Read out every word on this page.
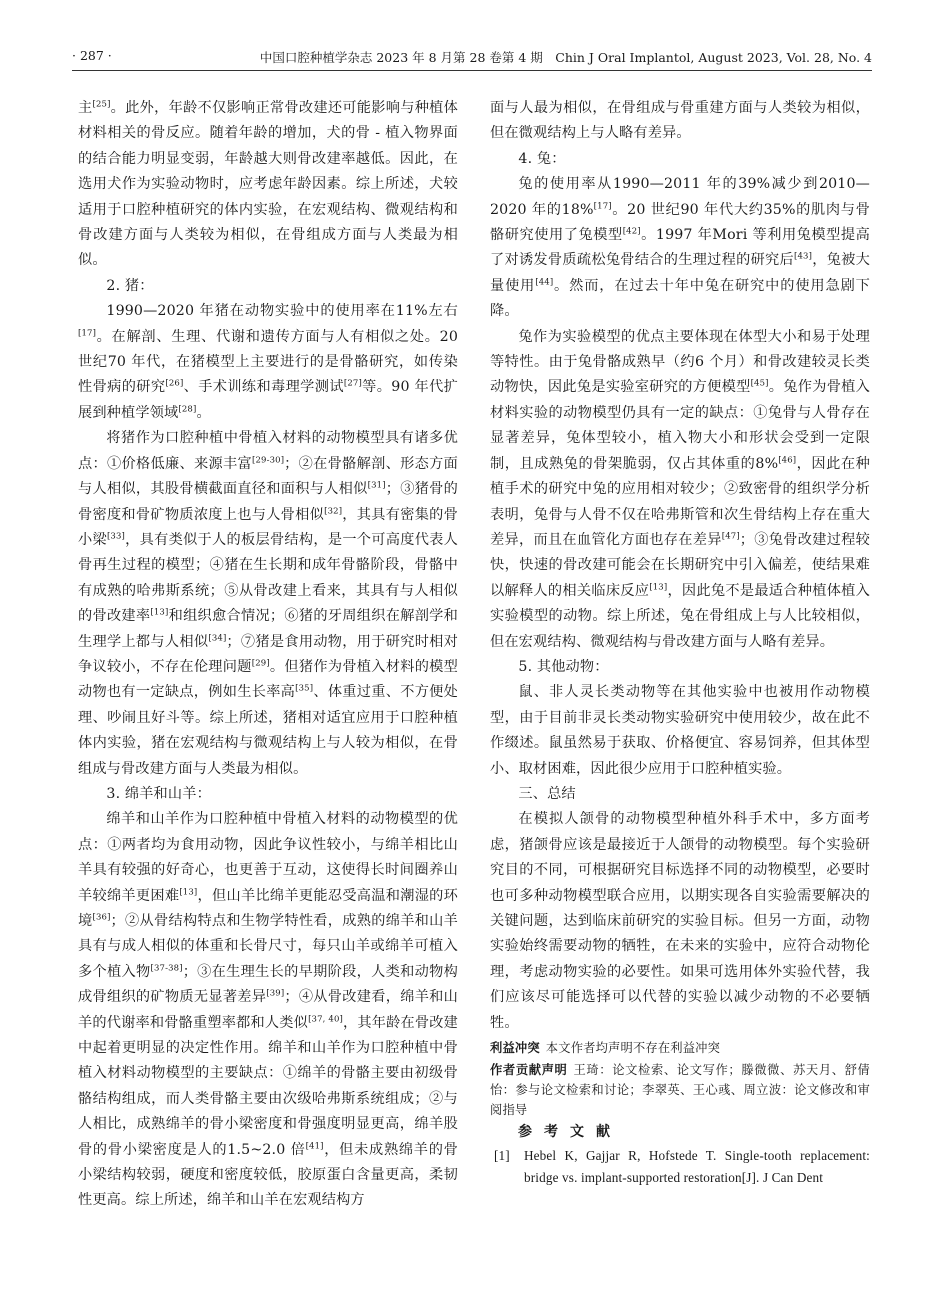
· 287 ·	中国口腔种植学杂志 2023 年 8 月第 28 卷第 4 期　Chin J Oral Implantol, August 2023, Vol. 28, No. 4

主[25]。此外，年龄不仅影响正常骨改建还可能影响与种植体材料相关的骨反应。随着年龄的增加，犬的骨 - 植入物界面的结合能力明显变弱，年龄越大则骨改建率越低。因此，在选用犬作为实验动物时，应考虑年龄因素。综上所述，犬较适用于口腔种植研究的体内实验，在宏观结构、微观结构和骨改建方面与人类较为相似，在骨组成方面与人类最为相似。

2. 猪：

1990—2020 年猪在动物实验中的使用率在11%左右[17]。在解剖、生理、代谢和遗传方面与人有相似之处。20 世纪70 年代，在猪模型上主要进行的是骨骼研究，如传染性骨病的研究[26]、手术训练和毒理学测试[27]等。90 年代扩展到种植学领域[28]。

将猪作为口腔种植中骨植入材料的动物模型具有诸多优点：①价格低廉、来源丰富[29-30]；②在骨骼解剖、形态方面与人相似，其股骨横截面直径和面积与人相似[31]；③猪骨的骨密度和骨矿物质浓度上也与人骨相似[32]，其具有密集的骨小梁[33]，具有类似于人的板层骨结构，是一个可高度代表人骨再生过程的模型；④猪在生长期和成年骨骼阶段，骨骼中有成熟的哈弗斯系统；⑤从骨改建上看来，其具有与人相似的骨改建率[13]和组织愈合情况；⑥猪的牙周组织在解剖学和生理学上都与人相似[34]；⑦猪是食用动物，用于研究时相对争议较小，不存在伦理问题[29]。但猪作为骨植入材料的模型动物也有一定缺点，例如生长率高[35]、体重过重、不方便处理、吵闹且好斗等。综上所述，猪相对适宜应用于口腔种植体内实验，猪在宏观结构与微观结构上与人较为相似，在骨组成与骨改建方面与人类最为相似。

3. 绵羊和山羊：

绵羊和山羊作为口腔种植中骨植入材料的动物模型的优点：①两者均为食用动物，因此争议性较小，与绵羊相比山羊具有较强的好奇心，也更善于互动，这使得长时间圈养山羊较绵羊更困难[13]，但山羊比绵羊更能忍受高温和潮湿的环境[36]；②从骨结构特点和生物学特性看，成熟的绵羊和山羊具有与成人相似的体重和长骨尺寸，每只山羊或绵羊可植入多个植入物[37-38]；③在生理生长的早期阶段，人类和动物构成骨组织的矿物质无显著差异[39]；④从骨改建看，绵羊和山羊的代谢率和骨骼重塑率都和人类似[37, 40]，其年龄在骨改建中起着更明显的决定性作用。绵羊和山羊作为口腔种植中骨植入材料动物模型的主要缺点：①绵羊的骨骼主要由初级骨骼结构组成，而人类骨骼主要由次级哈弗斯系统组成；②与人相比，成熟绵羊的骨小梁密度和骨强度明显更高，绵羊股骨的骨小梁密度是人的1.5~2.0 倍[41]，但未成熟绵羊的骨小梁结构较弱，硬度和密度较低，胶原蛋白含量更高，柔韧性更高。综上所述，绵羊和山羊在宏观结构方

面与人最为相似，在骨组成与骨重建方面与人类较为相似，但在微观结构上与人略有差异。

4. 兔：

兔的使用率从1990—2011 年的39%减少到2010—2020 年的18%[17]。20 世纪90 年代大约35%的肌肉与骨骼研究使用了兔模型[42]。1997 年Mori 等利用兔模型提高了对诱发骨质疏松兔骨结合的生理过程的研究后[43]，兔被大量使用[44]。然而，在过去十年中兔在研究中的使用急剧下降。

兔作为实验模型的优点主要体现在体型大小和易于处理等特性。由于兔骨骼成熟早（约6 个月）和骨改建较灵长类动物快，因此兔是实验室研究的方便模型[45]。兔作为骨植入材料实验的动物模型仍具有一定的缺点：①兔骨与人骨存在显著差异，兔体型较小，植入物大小和形状会受到一定限制，且成熟兔的骨架脆弱，仅占其体重的8%[46]，因此在种植手术的研究中兔的应用相对较少；②致密骨的组织学分析表明，兔骨与人骨不仅在哈弗斯管和次生骨结构上存在重大差异，而且在血管化方面也存在差异[47]；③兔骨改建过程较快，快速的骨改建可能会在长期研究中引入偏差，使结果难以解释人的相关临床反应[13]，因此兔不是最适合种植体植入实验模型的动物。综上所述，兔在骨组成上与人比较相似，但在宏观结构、微观结构与骨改建方面与人略有差异。

5. 其他动物：

鼠、非人灵长类动物等在其他实验中也被用作动物模型，由于目前非灵长类动物实验研究中使用较少，故在此不作缀述。鼠虽然易于获取、价格便宜、容易饲养，但其体型小、取材困难，因此很少应用于口腔种植实验。

三、总结

在模拟人颌骨的动物模型种植外科手术中，多方面考虑，猪颌骨应该是最接近于人颌骨的动物模型。每个实验研究目的不同，可根据研究目标选择不同的动物模型，必要时也可多种动物模型联合应用，以期实现各自实验需要解决的关键问题，达到临床前研究的实验目标。但另一方面，动物实验始终需要动物的牺牲，在未来的实验中，应符合动物伦理，考虑动物实验的必要性。如果可选用体外实验代替，我们应该尽可能选择可以代替的实验以减少动物的不必要牺牲。

利益冲突 本文作者均声明不存在利益冲突

作者贡献声明 王琦：论文检索、论文写作；滕微微、苏天月、舒倩怡：参与论文检索和讨论；李翠英、王心彧、周立波：论文修改和审阅指导

参考文献

[1]	Hebel K, Gajjar R, Hofstede T. Single-tooth replacement: bridge vs. implant-supported restoration[J]. J Can Dent
